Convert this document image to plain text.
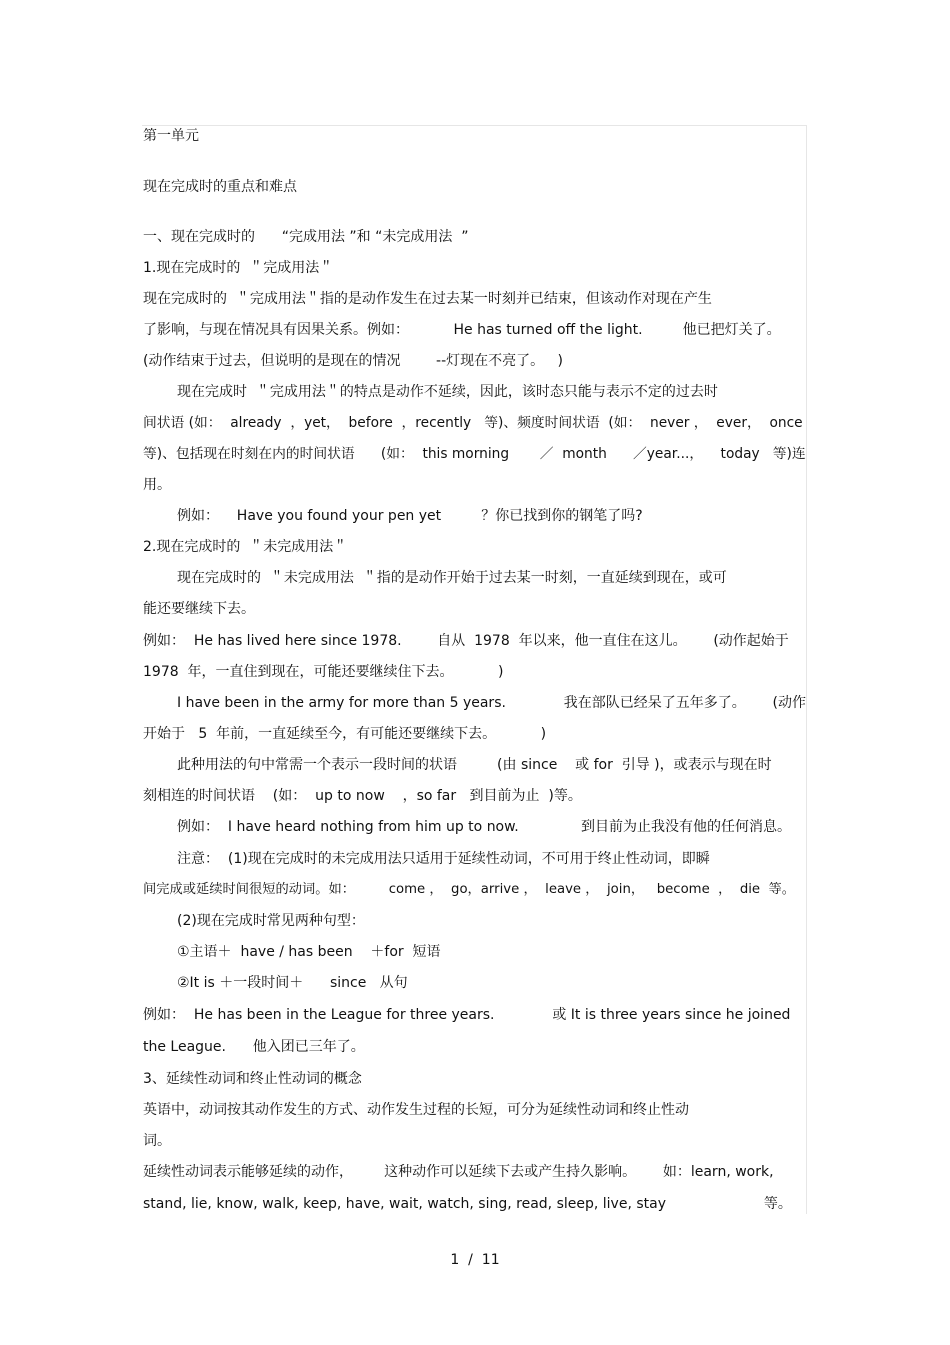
第一单元
现在完成时的重点和难点
一、现在完成时的      “完成用法 ”和 “未完成用法  ”
1.现在完成时的  ＂完成用法＂
现在完成时的  ＂完成用法＂指的是动作发生在过去某一时刻并已结束，但该动作对现在产生
了影响，与现在情况具有因果关系。例如：          He has turned off the light.         他已把灯关了。
(动作结束于过去，但说明的是现在的情况        --灯现在不亮了。   )
现在完成时  ＂完成用法＂的特点是动作不延续，因此，该时态只能与表示不定的过去时
间状语 (如：  already  ，yet，  before  ，recently   等)、频度时间状语  (如：  never ，  ever，  once
等)、包括现在时刻在内的时间状语      (如：  this morning       ／  month      ／year...，    today   等)连
用。
例如：    Have you found your pen yet         ？你已找到你的钢笔了吗?
2.现在完成时的  ＂未完成用法＂
现在完成时的  ＂未完成用法  ＂指的是动作开始于过去某一时刻，一直延续到现在，或可
能还要继续下去。
例如：  He has lived here since 1978.        自从  1978  年以来，他一直住在这儿。      (动作起始于
1978  年，一直住到现在，可能还要继续住下去。          )
I have been in the army for more than 5 years.             我在部队已经呆了五年多了。      (动作
开始于   5  年前，一直延续至今，有可能还要继续下去。          )
此种用法的句中常需一个表示一段时间的状语         (由 since    或 for  引导 )，或表示与现在时
刻相连的时间状语    (如：  up to now    ，so far   到目前为止  )等。
例如：  I have heard nothing from him up to now.              到目前为止我没有他的任何消息。
注意：  (1)现在完成时的未完成用法只适用于延续性动词，不可用于终止性动词，即瞬
间完成或延续时间很短的动词。如：        come ，  go，arrive ，  leave ，  join，   become  ，  die  等。
(2)现在完成时常见两种句型：
①主语＋  have / has been    ＋for  短语
②It is ＋一段时间＋      since   从句
例如：  He has been in the League for three years.             或 It is three years since he joined
the League.      他入团已三年了。
3、延续性动词和终止性动词的概念
英语中，动词按其动作发生的方式、动作发生过程的长短，可分为延续性动词和终止性动
词。
延续性动词表示能够延续的动作，       这种动作可以延续下去或产生持久影响。      如：learn, work,
stand, lie, know, walk, keep, have, wait, watch, sing, read, sleep, live, stay                      等。
1  /  11
